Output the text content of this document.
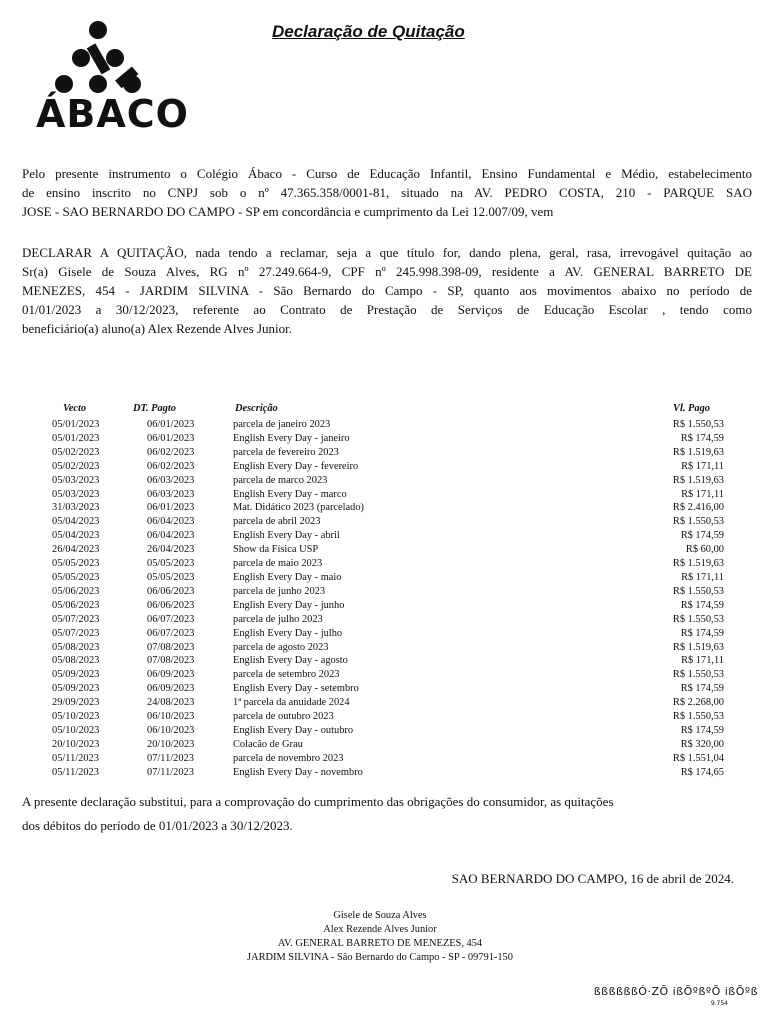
ÁBACO
Declaração de Quitação
Pelo presente instrumento o Colégio Ábaco - Curso de Educação Infantil, Ensino Fundamental e Médio, estabelecimento
de ensino inscrito no CNPJ sob o nº 47.365.358/0001-81, situado na AV. PEDRO COSTA, 210 - PARQUE SAO
JOSE - SAO BERNARDO DO CAMPO - SP em concordância e cumprimento da Lei 12.007/09, vem
DECLARAR A QUITAÇÃO, nada tendo a reclamar, seja a que título for, dando plena, geral, rasa, irrevogável quitação ao
Sr(a) Gisele de Souza Alves, RG nº 27.249.664-9, CPF nº 245.998.398-09, residente a AV. GENERAL BARRETO DE
MENEZES, 454 - JARDIM SILVINA - São Bernardo do Campo - SP, quanto aos movimentos abaixo no período de
01/01/2023 a 30/12/2023, referente ao Contrato de Prestação de Serviços de Educação Escolar , tendo como
beneficiário(a) aluno(a) Alex Rezende Alves Junior.
Vecto	DT. Pagto	Descrição	Vl. Pago
05/01/2023	06/01/2023	parcela de janeiro 2023	R$ 1.550,53
05/01/2023	06/01/2023	English Every Day - janeiro	R$ 174,59
05/02/2023	06/02/2023	parcela de fevereiro 2023	R$ 1.519,63
05/02/2023	06/02/2023	English Every Day - fevereiro	R$ 171,11
05/03/2023	06/03/2023	parcela de marco 2023	R$ 1.519,63
05/03/2023	06/03/2023	English Every Day - marco	R$ 171,11
31/03/2023	06/01/2023	Mat. Didático 2023 (parcelado)	R$ 2.416,00
05/04/2023	06/04/2023	parcela de abril 2023	R$ 1.550,53
05/04/2023	06/04/2023	English Every Day - abril	R$ 174,59
26/04/2023	26/04/2023	Show da Física USP	R$ 60,00
05/05/2023	05/05/2023	parcela de maio 2023	R$ 1.519,63
05/05/2023	05/05/2023	English Every Day - maio	R$ 171,11
05/06/2023	06/06/2023	parcela de junho 2023	R$ 1.550,53
05/06/2023	06/06/2023	English Every Day - junho	R$ 174,59
05/07/2023	06/07/2023	parcela de julho 2023	R$ 1.550,53
05/07/2023	06/07/2023	English Every Day - julho	R$ 174,59
05/08/2023	07/08/2023	parcela de agosto 2023	R$ 1.519,63
05/08/2023	07/08/2023	English Every Day - agosto	R$ 171,11
05/09/2023	06/09/2023	parcela de setembro 2023	R$ 1.550,53
05/09/2023	06/09/2023	English Every Day - setembro	R$ 174,59
29/09/2023	24/08/2023	1ª parcela da anuidade 2024	R$ 2.268,00
05/10/2023	06/10/2023	parcela de outubro 2023	R$ 1.550,53
05/10/2023	06/10/2023	English Every Day - outubro	R$ 174,59
20/10/2023	20/10/2023	Colacão de Grau	R$ 320,00
05/11/2023	07/11/2023	parcela de novembro 2023	R$ 1.551,04
05/11/2023	07/11/2023	English Every Day - novembro	R$ 174,65
A presente declaração substitui, para a comprovação do cumprimento das obrigações do consumidor, as quitações
dos débitos do período de 01/01/2023 a 30/12/2023.
SAO BERNARDO DO CAMPO, 16 de abril de 2024.
Gisele de Souza Alves
Alex Rezende Alves Junior
AV. GENERAL BARRETO DE MENEZES, 454
JARDIM SILVINA - São Bernardo do Campo - SP - 09791-150
ßßßßßßÓ·ZÕ ißÕºßºÕ ißÕºß
9.754
